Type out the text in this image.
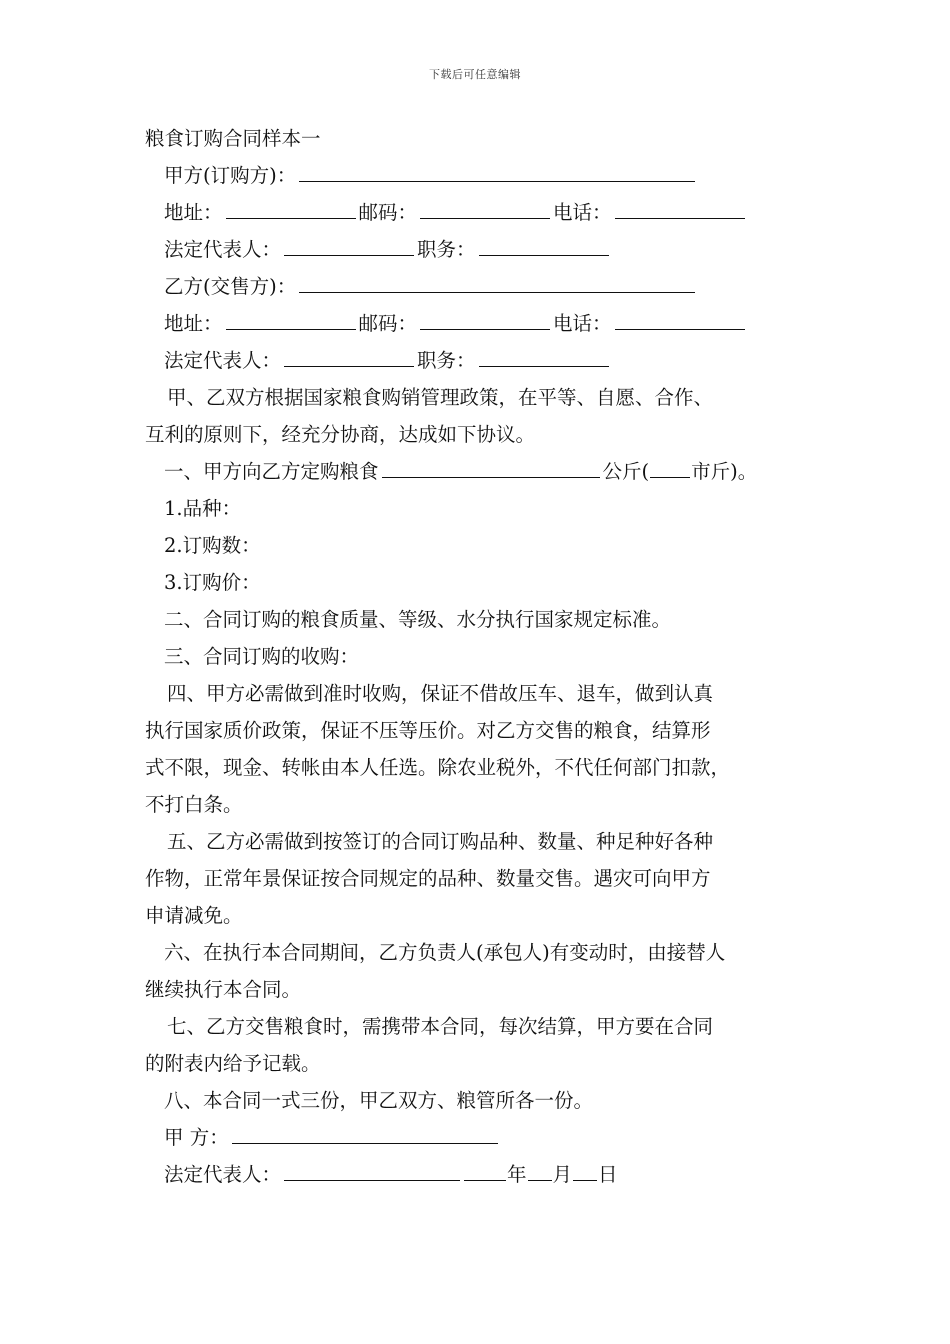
下载后可任意编辑
粮食订购合同样本一
甲方(订购方)：
地址：	邮码：	电话：
法定代表人：	职务：
乙方(交售方)：
地址：	邮码：	电话：
法定代表人：	职务：
甲、乙双方根据国家粮食购销管理政策，在平等、自愿、合作、
互利的原则下，经充分协商，达成如下协议。
一、甲方向乙方定购粮食	公斤( 市斤)。
1.品种：
2.订购数：
3.订购价：
二、合同订购的粮食质量、等级、水分执行国家规定标准。
三、合同订购的收购：
四、甲方必需做到准时收购，保证不借故压车、退车，做到认真
执行国家质价政策，保证不压等压价。对乙方交售的粮食，结算形
式不限，现金、转帐由本人任选。除农业税外，不代任何部门扣款，
不打白条。
五、乙方必需做到按签订的合同订购品种、数量、种足种好各种
作物，正常年景保证按合同规定的品种、数量交售。遇灾可向甲方
申请减免。
六、在执行本合同期间，乙方负责人(承包人)有变动时，由接替人
继续执行本合同。
七、乙方交售粮食时，需携带本合同，每次结算，甲方要在合同
的附表内给予记载。
八、本合同一式三份，甲乙双方、粮管所各一份。
甲 方：
法定代表人：	年 月 日
